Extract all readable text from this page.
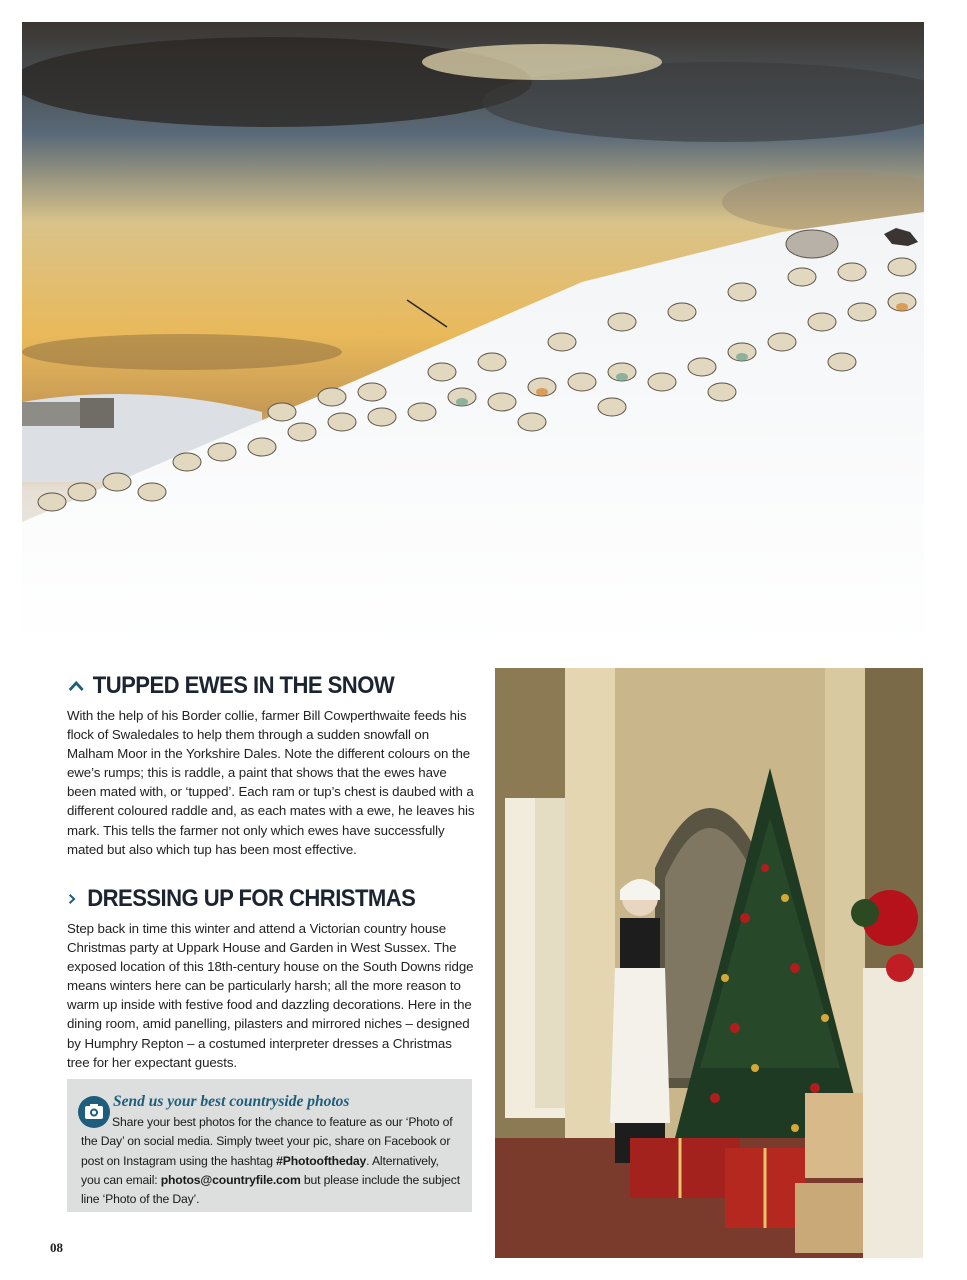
TUPPED EWES IN THE SNOW

With the help of his Border collie, farmer Bill Cowperthwaite feeds his flock of Swaledales to help them through a sudden snowfall on Malham Moor in the Yorkshire Dales. Note the different colours on the ewe’s rumps; this is raddle, a paint that shows that the ewes have been mated with, or ‘tupped’. Each ram or tup’s chest is daubed with a different coloured raddle and, as each mates with a ewe, he leaves his mark. This tells the farmer not only which ewes have successfully mated but also which tup has been most effective.

DRESSING UP FOR CHRISTMAS

Step back in time this winter and attend a Victorian country house Christmas party at Uppark House and Garden in West Sussex. The exposed location of this 18th-century house on the South Downs ridge means winters here can be particularly harsh; all the more reason to warm up inside with festive food and dazzling decorations. Here in the dining room, amid panelling, pilasters and mirrored niches – designed by Humphry Repton – a costumed interpreter dresses a Christmas tree for her expectant guests.

Send us your best countryside photos
Share your best photos for the chance to feature as our ‘Photo of the Day’ on social media. Simply tweet your pic, share on Facebook or post on Instagram using the hashtag #Photooftheday. Alternatively, you can email: photos@countryfile.com but please include the subject line ‘Photo of the Day’.
08
